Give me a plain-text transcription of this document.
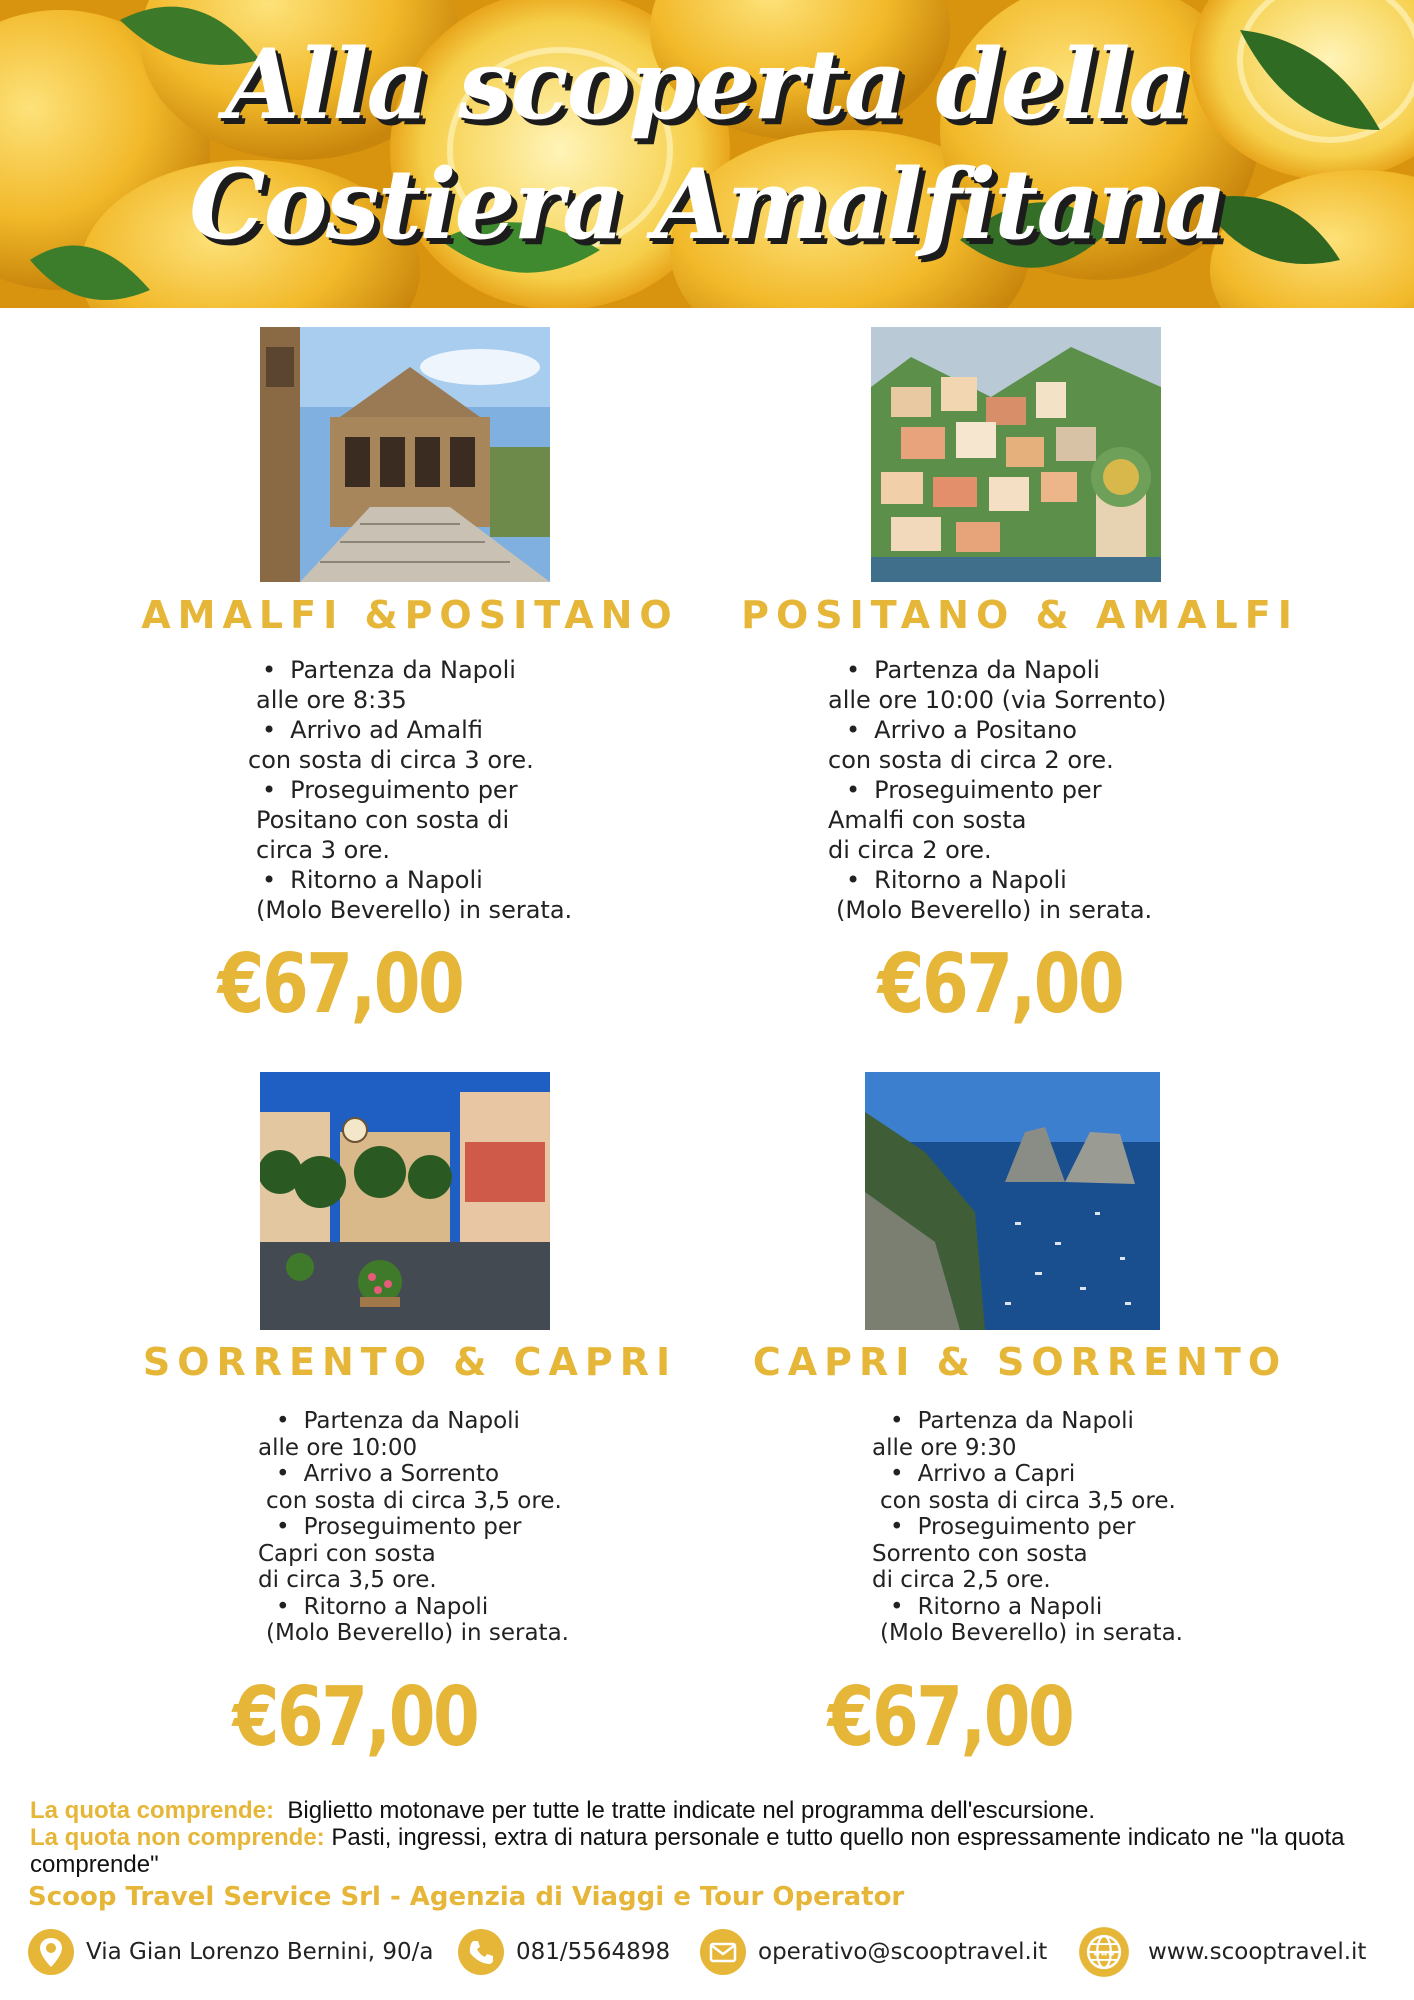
Alla scoperta della
Costiera Amalfitana
AMALFI &POSITANO
• Partenza da Napoli
alle ore 8:35
• Arrivo ad Amalfi
con sosta di circa 3 ore.
• Proseguimento per
Positano con sosta di
circa 3 ore.
• Ritorno a Napoli
(Molo Beverello) in serata.
€67,00
POSITANO & AMALFI
• Partenza da Napoli
alle ore 10:00 (via Sorrento)
• Arrivo a Positano
con sosta di circa 2 ore.
• Proseguimento per
Amalfi con sosta
di circa 2 ore.
• Ritorno a Napoli
(Molo Beverello) in serata.
€67,00
SORRENTO & CAPRI
• Partenza da Napoli
alle ore 10:00
• Arrivo a Sorrento
con sosta di circa 3,5 ore.
• Proseguimento per
Capri con sosta
di circa 3,5 ore.
• Ritorno a Napoli
(Molo Beverello) in serata.
€67,00
CAPRI & SORRENTO
• Partenza da Napoli
alle ore 9:30
• Arrivo a Capri
con sosta di circa 3,5 ore.
• Proseguimento per
Sorrento con sosta
di circa 2,5 ore.
• Ritorno a Napoli
(Molo Beverello) in serata.
€67,00
La quota comprende: Biglietto motonave per tutte le tratte indicate nel programma dell'escursione.
La quota non comprende: Pasti, ingressi, extra di natura personale e tutto quello non espressamente indicato ne "la quota comprende"
Scoop Travel Service Srl - Agenzia di Viaggi e Tour Operator
Via Gian Lorenzo Bernini, 90/a	081/5564898	operativo@scooptravel.it	www www.scooptravel.it
